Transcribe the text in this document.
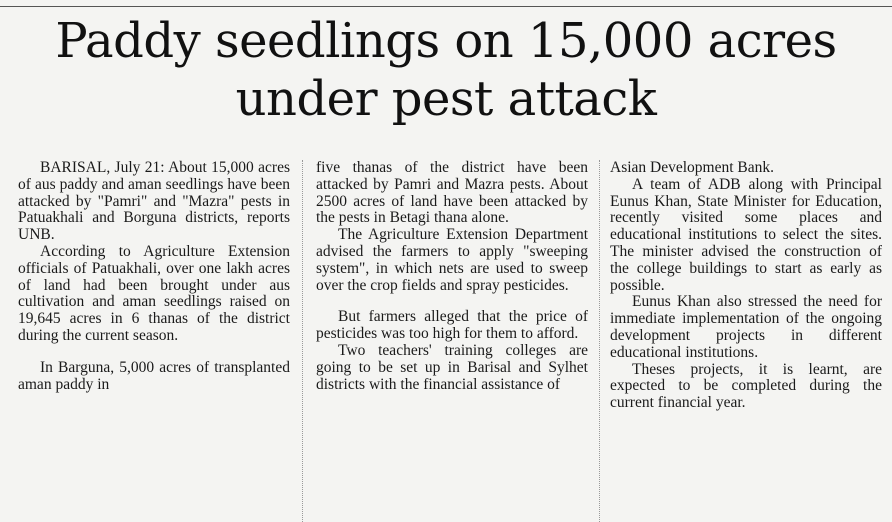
Paddy seedlings on 15,000 acres
under pest attack

BARISAL, July 21: About 15,000 acres of aus paddy and aman seedlings have been attacked by "Pamri" and "Mazra" pests in Patuakhali and Borguna districts, reports UNB.

According to Agriculture Extension officials of Patuakhali, over one lakh acres of land had been brought under aus cultivation and aman seedlings raised on 19,645 acres in 6 thanas of the district during the current season.

In Barguna, 5,000 acres of transplanted aman paddy in

five thanas of the district have been attacked by Pamri and Mazra pests. About 2500 acres of land have been attacked by the pests in Betagi thana alone.

The Agriculture Extension Department advised the farmers to apply "sweeping system", in which nets are used to sweep over the crop fields and spray pesticides.

But farmers alleged that the price of pesticides was too high for them to afford.

Two teachers' training colleges are going to be set up in Barisal and Sylhet districts with the financial assistance of

Asian Development Bank.

A team of ADB along with Principal Eunus Khan, State Minister for Education, recently visited some places and educational institutions to select the sites. The minister advised the construction of the college buildings to start as early as possible.

Eunus Khan also stressed the need for immediate implementation of the ongoing development projects in different educational institutions.

Theses projects, it is learnt, are expected to be completed during the current financial year.
